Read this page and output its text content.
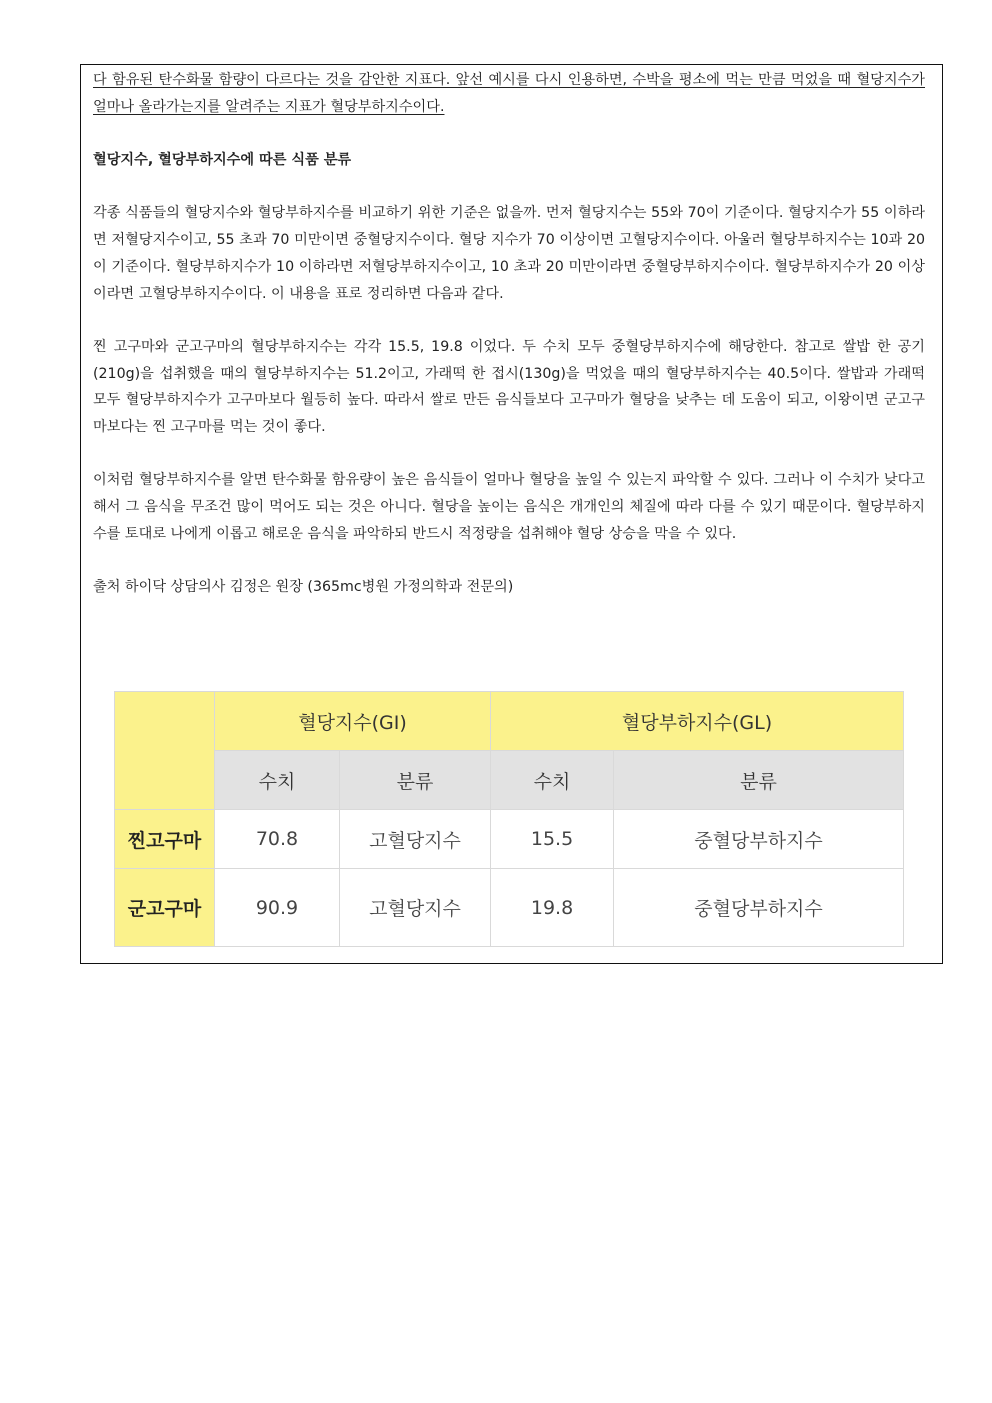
다 함유된 탄수화물 함량이 다르다는 것을 감안한 지표다. 앞선 예시를 다시 인용하면, 수박을 평소에 먹는 만큼 먹었을 때 혈당지수가 얼마나 올라가는지를 알려주는 지표가 혈당부하지수이다.

혈당지수, 혈당부하지수에 따른 식품 분류

각종 식품들의 혈당지수와 혈당부하지수를 비교하기 위한 기준은 없을까. 먼저 혈당지수는 55와 70이 기준이다. 혈당지수가 55 이하라면 저혈당지수이고, 55 초과 70 미만이면 중혈당지수이다. 혈당 지수가 70 이상이면 고혈당지수이다. 아울러 혈당부하지수는 10과 20이 기준이다. 혈당부하지수가 10 이하라면 저혈당부하지수이고, 10 초과 20 미만이라면 중혈당부하지수이다. 혈당부하지수가 20 이상이라면 고혈당부하지수이다. 이 내용을 표로 정리하면 다음과 같다.

찐 고구마와 군고구마의 혈당부하지수는 각각 15.5, 19.8 이었다. 두 수치 모두 중혈당부하지수에 해당한다. 참고로 쌀밥 한 공기(210g)을 섭취했을 때의 혈당부하지수는 51.2이고, 가래떡 한 접시(130g)을 먹었을 때의 혈당부하지수는 40.5이다. 쌀밥과 가래떡 모두 혈당부하지수가 고구마보다 월등히 높다. 따라서 쌀로 만든 음식들보다 고구마가 혈당을 낮추는 데 도움이 되고, 이왕이면 군고구마보다는 찐 고구마를 먹는 것이 좋다.

이처럼 혈당부하지수를 알면 탄수화물 함유량이 높은 음식들이 얼마나 혈당을 높일 수 있는지 파악할 수 있다. 그러나 이 수치가 낮다고 해서 그 음식을 무조건 많이 먹어도 되는 것은 아니다. 혈당을 높이는 음식은 개개인의 체질에 따라 다를 수 있기 때문이다. 혈당부하지수를 토대로 나에게 이롭고 해로운 음식을 파악하되 반드시 적정량을 섭취해야 혈당 상승을 막을 수 있다.

출처 하이닥 상담의사 김정은 원장 (365mc병원 가정의학과 전문의)

	혈당지수(GI)		혈당부하지수(GL)	
	수치	분류	수치	분류
찐고구마	70.8	고혈당지수	15.5	중혈당부하지수
군고구마	90.9	고혈당지수	19.8	중혈당부하지수
